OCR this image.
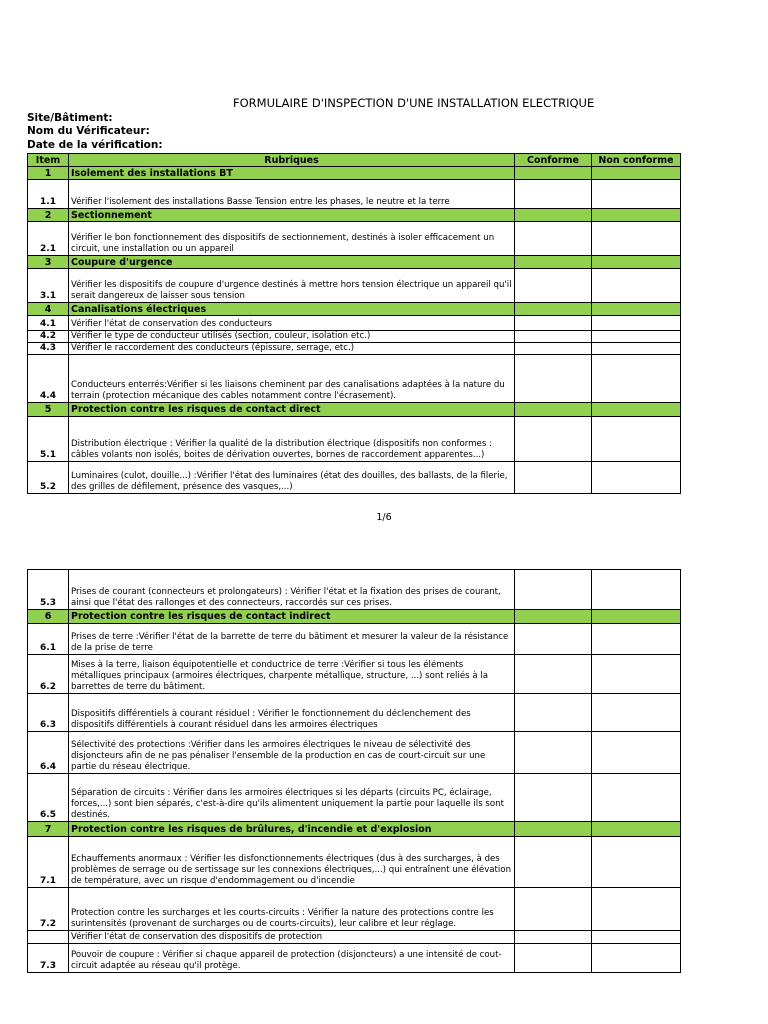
FORMULAIRE D'INSPECTION D'UNE INSTALLATION ELECTRIQUE
Site/Bâtiment:
Nom du Vérificateur:
Date de la vérification:
Item	Rubriques	Conforme	Non conforme
1	Isolement des installations BT		
1.1	Vérifier l'isolement des installations Basse Tension entre les phases, le neutre et la terre		
2	Sectionnement		
2.1	Vérifier le bon fonctionnement des dispositifs de sectionnement, destinés à isoler efficacement un circuit, une installation ou un appareil		
3	Coupure d'urgence		
3.1	Vérifier les dispositifs de coupure d'urgence destinés à mettre hors tension électrique un appareil qu'il serait dangereux de laisser sous tension		
4	Canalisations électriques		
4.1	Vérifier l'état de conservation des conducteurs		
4.2	Vérifier le type de conducteur utilisés (section, couleur, isolation etc.)		
4.3	Vérifier le raccordement des conducteurs (épissure, serrage, etc.)		
4.4	Conducteurs enterrés:Vérifier si les liaisons cheminent par des canalisations adaptées à la nature du terrain (protection mécanique des cables notamment contre l'écrasement).		
5	Protection contre les risques de contact direct		
5.1	Distribution électrique : Vérifier la qualité de la distribution électrique (dispositifs non conformes : câbles volants non isolés, boites de dérivation ouvertes, bornes de raccordement apparentes...)		
5.2	Luminaires (culot, douille...) :Vérifier l'état des luminaires (état des douilles, des ballasts, de la filerie, des grilles de défilement, présence des vasques,...)		
1/6
5.3	Prises de courant (connecteurs et prolongateurs) : Vérifier l'état et la fixation des prises de courant, ainsi que l'état des rallonges et des connecteurs, raccordés sur ces prises.		
6	Protection contre les risques de contact indirect		
6.1	Prises de terre :Vérifier l'état de la barrette de terre du bâtiment et mesurer la valeur de la résistance de la prise de terre		
6.2	Mises à la terre, liaison équipotentielle et conductrice de terre :Vérifier si tous les éléments métalliques principaux (armoires électriques, charpente métallique, structure, ...) sont reliés à la barrettes de terre du bâtiment.		
6.3	Dispositifs différentiels à courant résiduel : Vérifier le fonctionnement du déclenchement des dispositifs différentiels à courant résiduel dans les armoires électriques		
6.4	Sélectivité des protections :Vérifier dans les armoires électriques le niveau de sélectivité des disjoncteurs afin de ne pas pénaliser l'ensemble de la production en cas de court-circuit sur une partie du réseau électrique.		
6.5	Séparation de circuits : Vérifier dans les armoires électriques si les départs (circuits PC, éclairage, forces,...) sont bien séparés, c'est-à-dire qu'ils alimentent uniquement la partie pour laquelle ils sont destinés.		
7	Protection contre les risques de brûlures, d'incendie et d'explosion		
7.1	Echauffements anormaux : Vérifier les disfonctionnements électriques (dus à des surcharges, à des problèmes de serrage ou de sertissage sur les connexions électriques,...) qui entraînent une élévation de température, avec un risque d'endommagement ou d'incendie		
7.2	Protection contre les surcharges et les courts-circuits : Vérifier la nature des protections contre les surintensités (provenant de surcharges ou de courts-circuits), leur calibre et leur réglage.		
	Vérifier l'état de conservation des dispositifs de protection		
7.3	Pouvoir de coupure : Vérifier si chaque appareil de protection (disjoncteurs) a une intensité de cout-circuit adaptée au réseau qu'il protège.		
